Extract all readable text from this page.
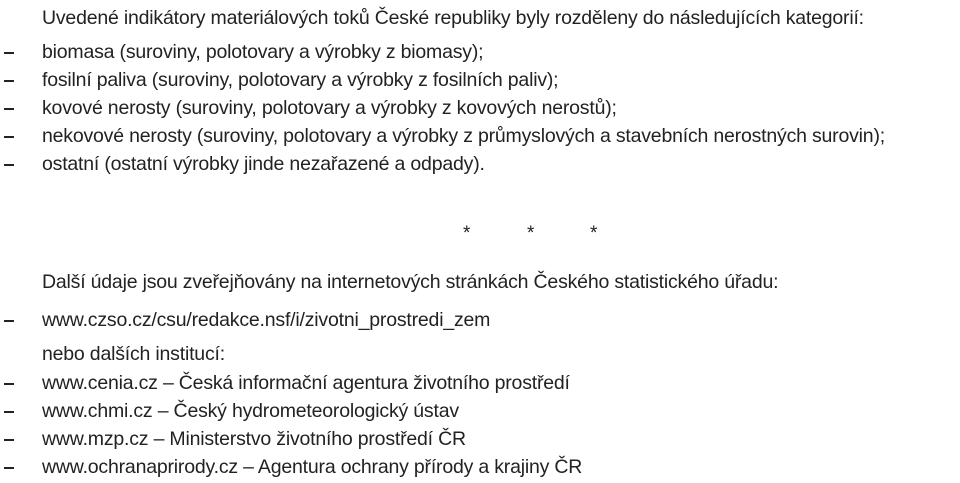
Uvedené indikátory materiálových toků České republiky byly rozděleny do následujících kategorií:
biomasa (suroviny, polotovary a výrobky z biomasy);
fosilní paliva (suroviny, polotovary a výrobky z fosilních paliv);
kovové nerosty (suroviny, polotovary a výrobky z kovových nerostů);
nekovové nerosty (suroviny, polotovary a výrobky z průmyslových a stavebních nerostných surovin);
ostatní (ostatní výrobky jinde nezařazené a odpady).
*	*	*
Další údaje jsou zveřejňovány na internetových stránkách Českého statistického úřadu:
www.czso.cz/csu/redakce.nsf/i/zivotni_prostredi_zem
nebo dalších institucí:
www.cenia.cz – Česká informační agentura životního prostředí
www.chmi.cz – Český hydrometeorologický ústav
www.mzp.cz – Ministerstvo životního prostředí ČR
www.ochranaprirody.cz – Agentura ochrany přírody a krajiny ČR
